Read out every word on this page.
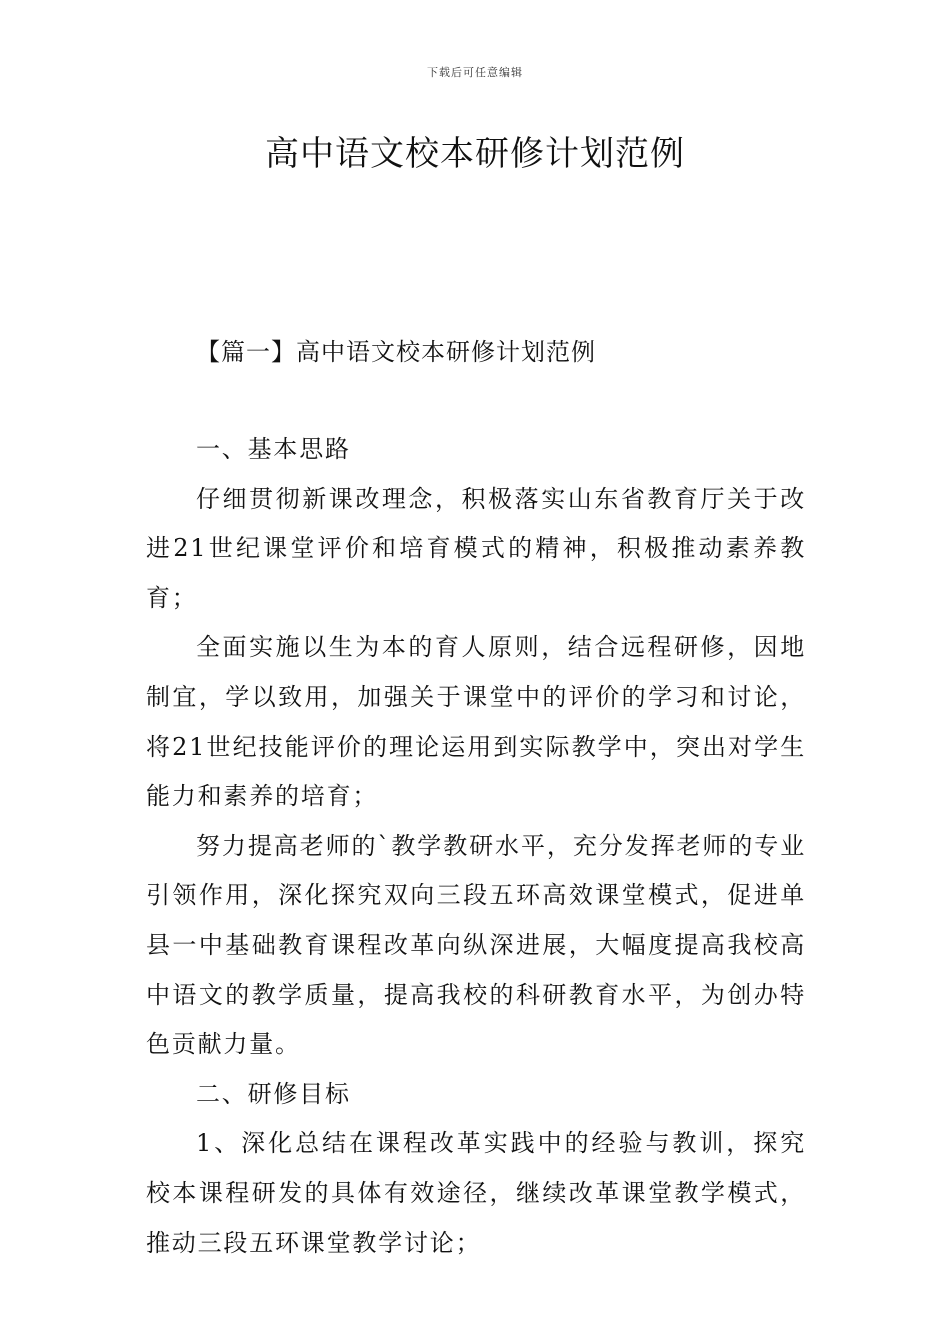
下载后可任意编辑
高中语文校本研修计划范例
【篇一】高中语文校本研修计划范例

一、基本思路

仔细贯彻新课改理念，积极落实山东省教育厅关于改进21世纪课堂评价和培育模式的精神，积极推动素养教育；

全面实施以生为本的育人原则，结合远程研修，因地制宜，学以致用，加强关于课堂中的评价的学习和讨论，将21世纪技能评价的理论运用到实际教学中，突出对学生能力和素养的培育；

努力提高老师的`教学教研水平，充分发挥老师的专业引领作用，深化探究双向三段五环高效课堂模式，促进单县一中基础教育课程改革向纵深进展，大幅度提高我校高中语文的教学质量，提高我校的科研教育水平，为创办特色贡献力量。

二、研修目标

1、深化总结在课程改革实践中的经验与教训，探究校本课程研发的具体有效途径，继续改革课堂教学模式，推动三段五环课堂教学讨论；
